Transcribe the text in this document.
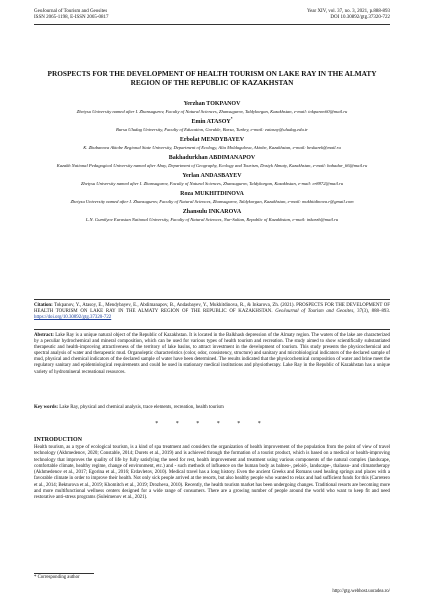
GeoJournal of Tourism and Geosites
ISSN 2065-1198, E-ISSN 2065-0817
Year XIV, vol. 37, no. 3, 2021, p.888-893
DOI 10.30892/gtg.37320-722
PROSPECTS FOR THE DEVELOPMENT OF HEALTH TOURISM ON LAKE RAY IN THE ALMATY REGION OF THE REPUBLIC OF KAZAKHSTAN
Yerzhan TOKPANOV
Zhetysu University named after I. Zhansugurov, Faculty of Natural Sciences, Zhansugurov, Taldykorgan, Kazakhstan, e-mail: tokpanov60@mail.ru
Emin ATASOY*
Bursa Uludag University, Faculty of Education, Gorukle, Bursa, Turkey, e-mail: eatasoy@uludag.edu.tr
Erbolat MENDYBAYEV
K. Zhubanova Aktobe Regional State University, Department of Ecology, Alia Moldagulova, Aktobe, Kazakhstan, e-mail: beskarek@mail.ru
Bakhadurkhan ABDIMANAPOV
Kazakh National Pedagogical University named after Abay, Department of Geography, Ecology and Tourism, Dostyk Almaty, Kazakhstan, e-mail: bahadur_66@mail.ru
Yerlan ANDASBAYEV
Zhetysu University named after I. Zhansugurov, Faculty of Natural Sciences, Zhansugurov, Taldykorgan, Kazakhstan, e-mail: er8872@mail.ru
Roza MUKHITDINOVA
Zhetysu University named after I. Zhansugurov, Faculty of Natural Sciences, Zhansugurov, Taldykorgan, Kazakhstan, e-mail: mukhitdinova.r@gmail.com
Zhansulu INKAROVA
L.N. Gumilyov Eurasian National University, Faculty of Natural Sciences, Nur-Sultan, Republic of Kazakhstan, e-mail: inkarzh@mail.ru
Citation: Tokpanov, Y., Atasoy, E., Mendybayev, E., Abdimanapov, B., Andasbayev, Y., Mukhitdinova, R., & Inkarova, Zh. (2021). PROSPECTS FOR THE DEVELOPMENT OF HEALTH TOURISM ON LAKE RAY IN THE ALMATY REGION OF THE REPUBLIC OF KAZAKHSTAN. GeoJournal of Tourism and Geosites, 37(3), 888–893. https://doi.org/10.30892/gtg.37320-722
Abstract: Lake Ray is a unique natural object of the Republic of Kazakhstan. It is located in the Balkhash depression of the Almaty region. The waters of the lake are characterized by a peculiar hydrochemical and mineral composition, which can be used for various types of health tourism and recreation. The study aimed to show scientifically substantiated therapeutic and health-improving attractiveness of the territory of lake basins, to attract investment in the development of tourism. This study presents the physicochemical and spectral analysis of water and therapeutic mud. Organoleptic characteristics (color, odor, consistency, structure) and sanitary and microbiological indicators of the declared sample of mud, physical and chemical indicators of the declared sample of water have been determined. The results indicated that the physicochemical composition of water and brine meet the regulatory sanitary and epidemiological requirements and could be used in stationary medical institutions and physiotherapy. Lake Ray in the Republic of Kazakhstan has a unique variety of hydromineral recreational resources.
Key words: Lake Ray, physical and chemical analysis, trace elements, recreation, health tourism
* * * * * *
INTRODUCTION
Health tourism, as a type of ecological tourism, is a kind of spa treatment and considers the organization of health improvement of the population from the point of view of travel technology (Akhmedenov, 2020; Constable, 2014; Durets et al., 2019) and is achieved through the formation of a tourist product, which is based on a medical or health-improving technology that improves the quality of life by fully satisfying the need for rest, health improvement and treatment using various components of the natural complex (landscape, comfortable climate, healthy regime, change of environment, etc.) and - such methods of influence on the human body as balneo-, peloid-, landscape-, thalasso- and climatotherapy (Akhmedenov et al., 2017; Egorina et al., 2016; Erdavletov, 2010). Medical travel has a long history. Even the ancient Greeks and Romans used healing springs and places with a favorable climate in order to improve their health. Not only sick people arrived at the resorts, but also healthy people who wanted to relax and had sufficient funds for this (Carretero et al., 2014; Bekturova et al., 2019; Khomitch et al., 2019; Drozheva, 2010). Recently, the health tourism market has been undergoing changes. Traditional resorts are becoming more and more multifunctional wellness centers designed for a wide range of consumers. There are a growing number of people around the world who want to keep fit and need restorative anti-stress programs (Suleimenov et al., 2021).
* Corresponding author
http://gtg.webhost.uoradea.ro/
